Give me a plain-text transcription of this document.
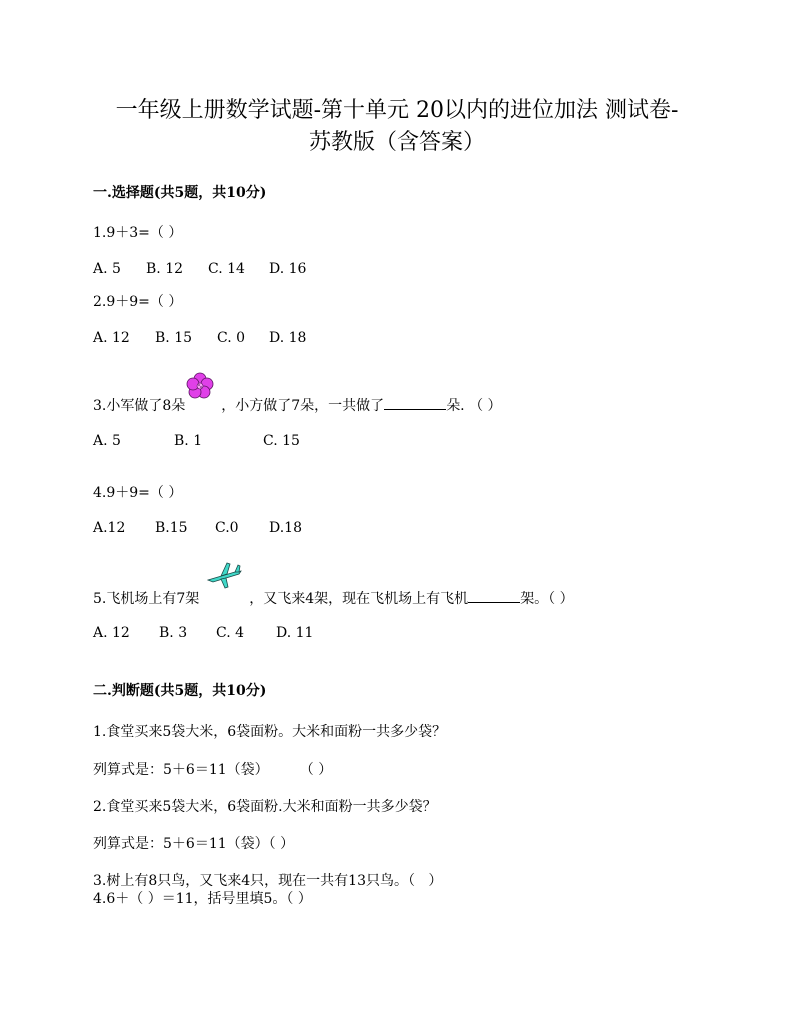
一年级上册数学试题-第十单元 20以内的进位加法 测试卷-
苏教版（含答案）
一.选择题(共5题，共10分)
1.9＋3=（ ）
A. 5 B. 12 C. 14 D. 16
2.9＋9=（ ）
A. 12 B. 15 C. 0 D. 18
3.小军做了8朵	，小方做了7朵，一共做了	朵. （ ）
A. 5	B. 1	C. 15
4.9＋9=（ ）
A.12 B.15 C.0 D.18
5.飞机场上有7架	，又飞来4架，现在飞机场上有飞机	架。（ ）
A. 12 B. 3 C. 4 D. 11
二.判断题(共5题，共10分)
1.食堂买来5袋大米，6袋面粉。大米和面粉一共多少袋？
列算式是：5＋6＝11（袋）       （ ）
2.食堂买来5袋大米，6袋面粉.大米和面粉一共多少袋？
列算式是：5＋6＝11（袋）（ ）
3.树上有8只鸟，又飞来4只，现在一共有13只鸟。（   ）
4.6＋（ ）＝11，括号里填5。（ ）
